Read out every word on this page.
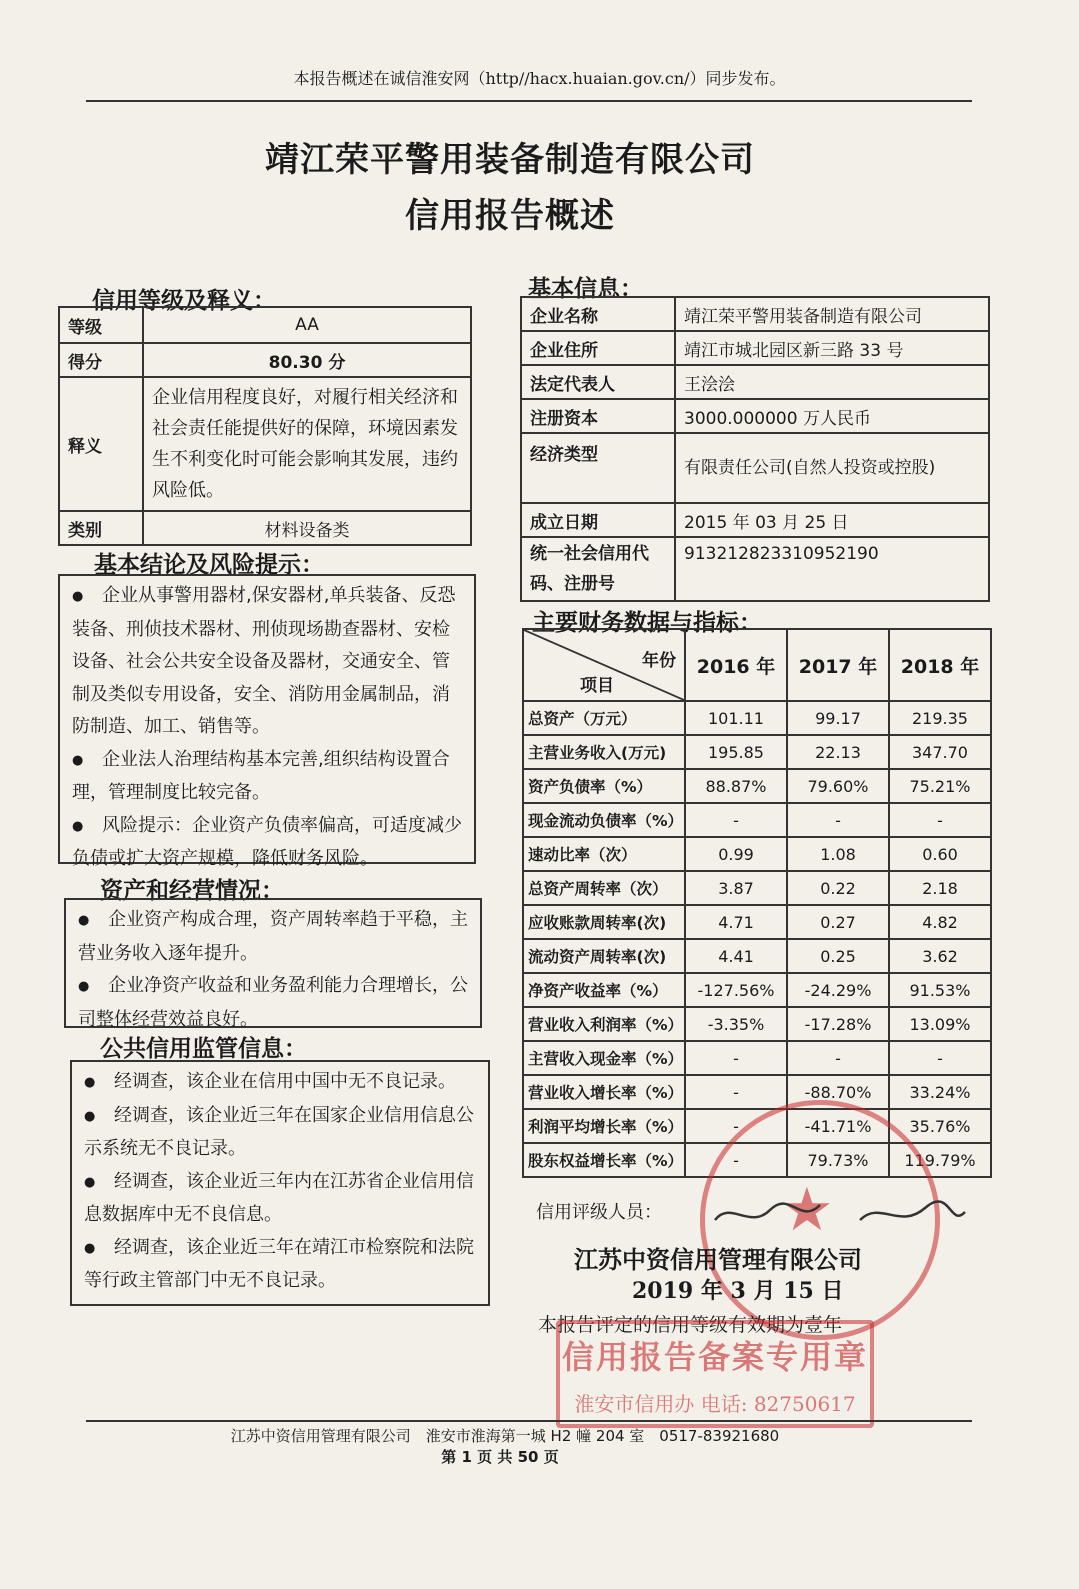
本报告概述在诚信淮安网（http//hacx.huaian.gov.cn/）同步发布。
靖江荣平警用装备制造有限公司
信用报告概述
信用等级及释义：
等级	AA
得分	80.30 分
释义	企业信用程度良好，对履行相关经济和社会责任能提供好的保障，环境因素发生不利变化时可能会影响其发展，违约风险低。
类别	材料设备类
基本结论及风险提示：

● 企业从事警用器材,保安器材,单兵装备、反恐装备、刑侦技术器材、刑侦现场勘查器材、安检设备、社会公共安全设备及器材，交通安全、管制及类似专用设备，安全、消防用金属制品，消防制造、加工、销售等。

● 企业法人治理结构基本完善,组织结构设置合理，管理制度比较完备。

● 风险提示：企业资产负债率偏高，可适度减少负债或扩大资产规模，降低财务风险。

资产和经营情况：

● 企业资产构成合理，资产周转率趋于平稳，主营业务收入逐年提升。

● 企业净资产收益和业务盈利能力合理增长，公司整体经营效益良好。

公共信用监管信息：

● 经调查，该企业在信用中国中无不良记录。

● 经调查，该企业近三年在国家企业信用信息公示系统无不良记录。

● 经调查，该企业近三年内在江苏省企业信用信息数据库中无不良信息。

● 经调查，该企业近三年在靖江市检察院和法院等行政主管部门中无不良记录。

基本信息：
企业名称	靖江荣平警用装备制造有限公司
企业住所	靖江市城北园区新三路 33 号
法定代表人	王浍浍
注册资本	3000.000000 万人民币
经济类型	有限责任公司(自然人投资或控股)
成立日期	2015 年 03 月 25 日
统一社会信用代码、注册号	913212823310952190
主要财务数据与指标：
年份
项目	2016 年	2017 年	2018 年
总资产（万元）	101.11	99.17	219.35
主营业务收入(万元)	195.85	22.13	347.70
资产负债率（%）	88.87%	79.60%	75.21%
现金流动负债率（%）	-	-	-
速动比率（次）	0.99	1.08	0.60
总资产周转率（次）	3.87	0.22	2.18
应收账款周转率(次)	4.71	0.27	4.82
流动资产周转率(次)	4.41	0.25	3.62
净资产收益率（%）	-127.56%	-24.29%	91.53%
营业收入利润率（%）	-3.35%	-17.28%	13.09%
主营收入现金率（%）	-	-	-
营业收入增长率（%）	-	-88.70%	33.24%
利润平均增长率（%）	-	-41.71%	35.76%
股东权益增长率（%）	-	79.73%	119.79%
信用评级人员： ★
江苏中资信用管理有限公司
2019 年 3 月 15 日
本报告评定的信用等级有效期为壹年
信用报告备案专用章
淮安市信用办 电话: 82750617
江苏中资信用管理有限公司　淮安市淮海第一城 H2 幢 204 室　0517-83921680
第 1 页 共 50 页
